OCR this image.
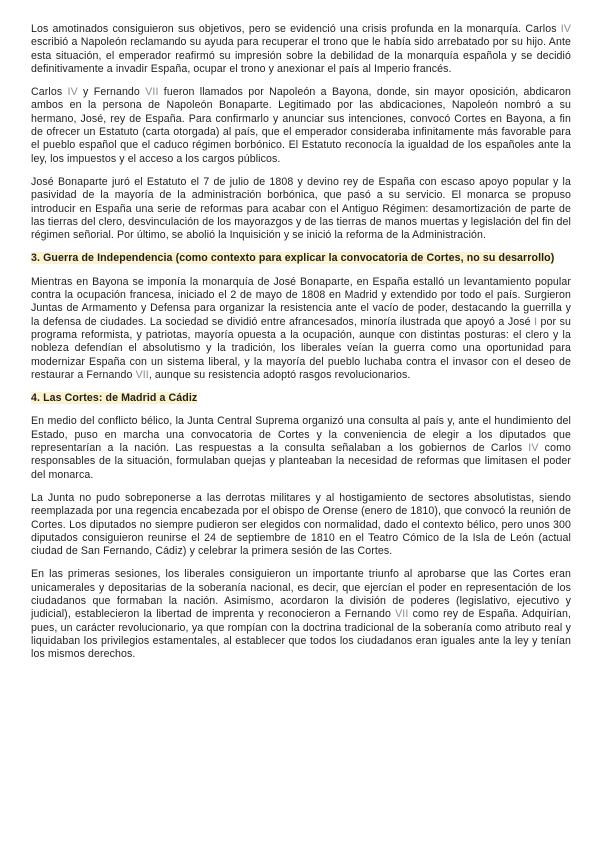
Los amotinados consiguieron sus objetivos, pero se evidenció una crisis profunda en la monarquía. Carlos IV escribió a Napoleón reclamando su ayuda para recuperar el trono que le había sido arrebatado por su hijo. Ante esta situación, el emperador reafirmó su impresión sobre la debilidad de la monarquía española y se decidió definitivamente a invadir España, ocupar el trono y anexionar el país al Imperio francés.

Carlos IV y Fernando VII fueron llamados por Napoleón a Bayona, donde, sin mayor oposición, abdicaron ambos en la persona de Napoleón Bonaparte. Legitimado por las abdicaciones, Napoleón nombró a su hermano, José, rey de España. Para confirmarlo y anunciar sus intenciones, convocó Cortes en Bayona, a fin de ofrecer un Estatuto (carta otorgada) al país, que el emperador consideraba infinitamente más favorable para el pueblo español que el caduco régimen borbónico. El Estatuto reconocía la igualdad de los españoles ante la ley, los impuestos y el acceso a los cargos públicos.

José Bonaparte juró el Estatuto el 7 de julio de 1808 y devino rey de España con escaso apoyo popular y la pasividad de la mayoría de la administración borbónica, que pasó a su servicio. El monarca se propuso introducir en España una serie de reformas para acabar con el Antiguo Régimen: desamortización de parte de las tierras del clero, desvinculación de los mayorazgos y de las tierras de manos muertas y legislación del fin del régimen señorial. Por último, se abolió la Inquisición y se inició la reforma de la Administración.

3. Guerra de Independencia (como contexto para explicar la convocatoria de Cortes, no su desarrollo)

Mientras en Bayona se imponía la monarquía de José Bonaparte, en España estalló un levantamiento popular contra la ocupación francesa, iniciado el 2 de mayo de 1808 en Madrid y extendido por todo el país. Surgieron Juntas de Armamento y Defensa para organizar la resistencia ante el vacío de poder, destacando la guerrilla y la defensa de ciudades. La sociedad se dividió entre afrancesados, minoría ilustrada que apoyó a José I por su programa reformista, y patriotas, mayoría opuesta a la ocupación, aunque con distintas posturas: el clero y la nobleza defendían el absolutismo y la tradición, los liberales veían la guerra como una oportunidad para modernizar España con un sistema liberal, y la mayoría del pueblo luchaba contra el invasor con el deseo de restaurar a Fernando VII, aunque su resistencia adoptó rasgos revolucionarios.

4. Las Cortes: de Madrid a Cádiz

En medio del conflicto bélico, la Junta Central Suprema organizó una consulta al país y, ante el hundimiento del Estado, puso en marcha una convocatoria de Cortes y la conveniencia de elegir a los diputados que representarían a la nación. Las respuestas a la consulta señalaban a los gobiernos de Carlos IV como responsables de la situación, formulaban quejas y planteaban la necesidad de reformas que limitasen el poder del monarca.

La Junta no pudo sobreponerse a las derrotas militares y al hostigamiento de sectores absolutistas, siendo reemplazada por una regencia encabezada por el obispo de Orense (enero de 1810), que convocó la reunión de Cortes. Los diputados no siempre pudieron ser elegidos con normalidad, dado el contexto bélico, pero unos 300 diputados consiguieron reunirse el 24 de septiembre de 1810 en el Teatro Cómico de la Isla de León (actual ciudad de San Fernando, Cádiz) y celebrar la primera sesión de las Cortes.

En las primeras sesiones, los liberales consiguieron un importante triunfo al aprobarse que las Cortes eran unicamerales y depositarias de la soberanía nacional, es decir, que ejercían el poder en representación de los ciudadanos que formaban la nación. Asimismo, acordaron la división de poderes (legislativo, ejecutivo y judicial), establecieron la libertad de imprenta y reconocieron a Fernando VII como rey de España. Adquirían, pues, un carácter revolucionario, ya que rompían con la doctrina tradicional de la soberanía como atributo real y liquidaban los privilegios estamentales, al establecer que todos los ciudadanos eran iguales ante la ley y tenían los mismos derechos.
